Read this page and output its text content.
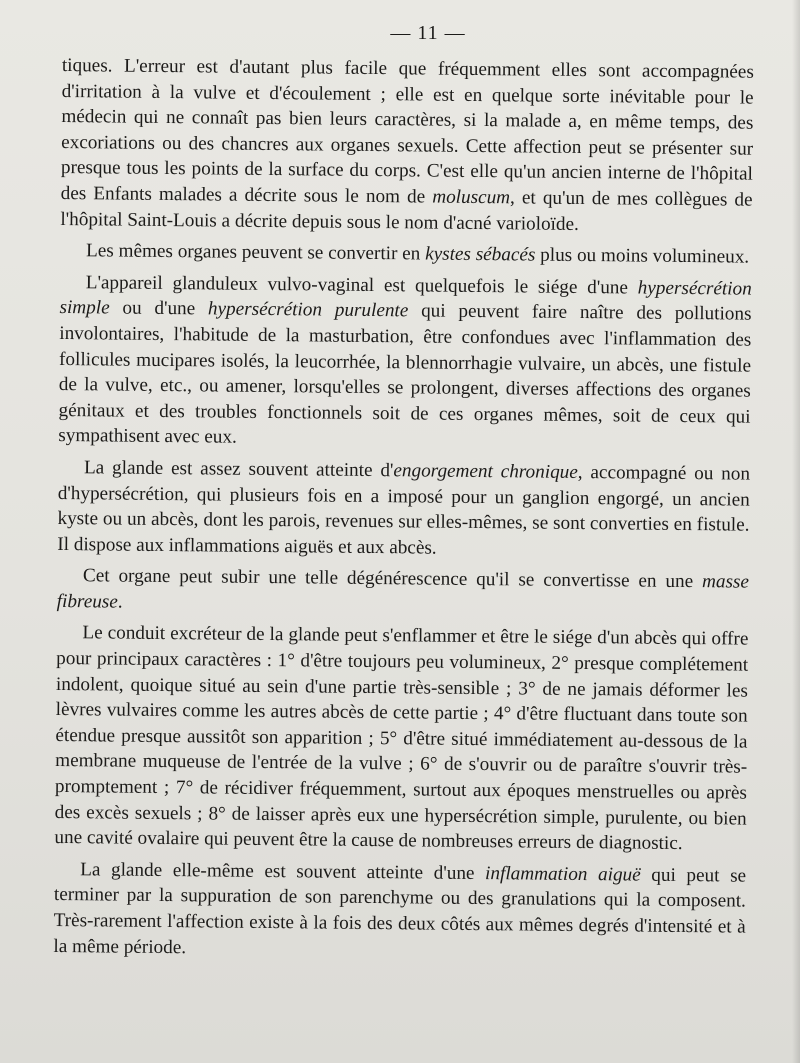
— 11 —

tiques. L'erreur est d'autant plus facile que fréquemment elles sont accompagnées d'irritation à la vulve et d'écoulement ; elle est en quelque sorte inévitable pour le médecin qui ne connaît pas bien leurs caractères, si la malade a, en même temps, des excoriations ou des chancres aux organes sexuels. Cette affection peut se présenter sur presque tous les points de la surface du corps. C'est elle qu'un ancien interne de l'hôpital des Enfants malades a décrite sous le nom de moluscum, et qu'un de mes collègues de l'hôpital Saint-Louis a décrite depuis sous le nom d'acné varioloïde.

Les mêmes organes peuvent se convertir en kystes sébacés plus ou moins volumineux.

L'appareil glanduleux vulvo-vaginal est quelquefois le siége d'une hypersécrétion simple ou d'une hypersécrétion purulente qui peuvent faire naître des pollutions involontaires, l'habitude de la masturbation, être confondues avec l'inflammation des follicules mucipares isolés, la leucorrhée, la blennorrhagie vulvaire, un abcès, une fistule de la vulve, etc., ou amener, lorsqu'elles se prolongent, diverses affections des organes génitaux et des troubles fonctionnels soit de ces organes mêmes, soit de ceux qui sympathisent avec eux.

La glande est assez souvent atteinte d'engorgement chronique, accompagné ou non d'hypersécrétion, qui plusieurs fois en a imposé pour un ganglion engorgé, un ancien kyste ou un abcès, dont les parois, revenues sur elles-mêmes, se sont converties en fistule. Il dispose aux inflammations aiguës et aux abcès.

Cet organe peut subir une telle dégénérescence qu'il se convertisse en une masse fibreuse.

Le conduit excréteur de la glande peut s'enflammer et être le siége d'un abcès qui offre pour principaux caractères : 1° d'être toujours peu volumineux, 2° presque complétement indolent, quoique situé au sein d'une partie très-sensible ; 3° de ne jamais déformer les lèvres vulvaires comme les autres abcès de cette partie ; 4° d'être fluctuant dans toute son étendue presque aussitôt son apparition ; 5° d'être situé immédiatement au-dessous de la membrane muqueuse de l'entrée de la vulve ; 6° de s'ouvrir ou de paraître s'ouvrir très-promptement ; 7° de récidiver fréquemment, surtout aux époques menstruelles ou après des excès sexuels ; 8° de laisser après eux une hypersécrétion simple, purulente, ou bien une cavité ovalaire qui peuvent être la cause de nombreuses erreurs de diagnostic.

La glande elle-même est souvent atteinte d'une inflammation aiguë qui peut se terminer par la suppuration de son parenchyme ou des granulations qui la composent. Très-rarement l'affection existe à la fois des deux côtés aux mêmes degrés d'intensité et à la même période.
